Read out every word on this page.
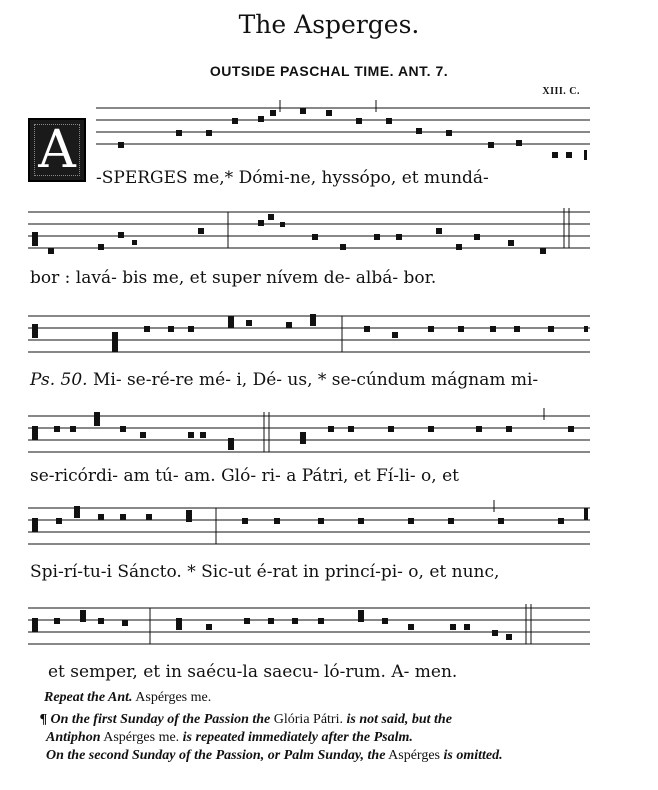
The Asperges.
OUTSIDE PASCHAL TIME. ANT. 7.
XIII. C.
A -SPERGES me,* Dómi-ne, hyssópo, et mundá-
bor : lavá- bis me, et super nívem de- albá- bor.
Ps. 50. Mi- se-ré-re mé- i, Dé- us, * se-cúndum mágnam mi-
se-ricórdi- am tú- am. Gló- ri- a Pátri, et Fí-li- o, et
Spi-rí-tu-i Sáncto. * Sic-ut é-rat in princí-pi- o, et nunc,
et semper, et in saécu-la saecu- ló-rum. A- men.
Repeat the Ant. Aspérges me.
¶ On the first Sunday of the Passion the Glória Pátri. is not said, but the
Antiphon Aspérges me. is repeated immediately after the Psalm.
On the second Sunday of the Passion, or Palm Sunday, the Aspérges is omitted.
